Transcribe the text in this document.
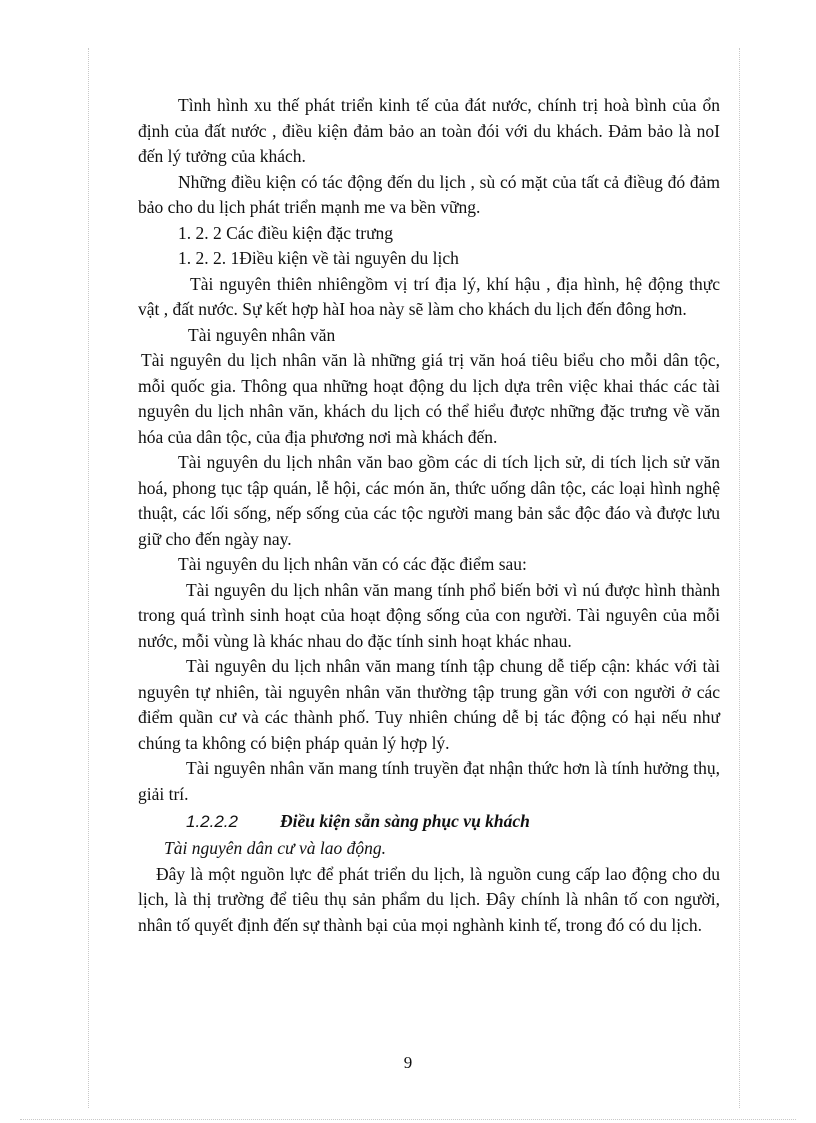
Tình hình xu thế phát triển kinh tế của đát nước, chính trị hoà bình của ổn định của đất nước , điều kiện đảm bảo an toàn đói với du khách. Đảm bảo là noI đến lý tưởng của khách.

Những điều kiện có tác động đến du lịch , sù có mặt của tất cả điềug đó đảm bảo cho du lịch phát triển mạnh me va bền vững.

1. 2. 2 Các điều kiện đặc trưng

1. 2. 2. 1Điều kiện về tài nguyên du lịch

Tài nguyên thiên nhiêngồm vị trí địa lý, khí hậu , địa hình, hệ động thực vật , đất nước. Sự kết hợp hàI hoa này sẽ làm cho khách du lịch đến đông hơn.

Tài nguyên nhân văn

Tài nguyên du lịch nhân văn là những giá trị văn hoá tiêu biểu cho mỗi dân tộc, mỗi quốc gia. Thông qua những hoạt động du lịch dựa trên việc khai thác các tài nguyên du lịch nhân văn, khách du lịch có thể hiểu được những đặc trưng về văn hóa của dân tộc, của địa phương nơi mà khách đến.

Tài nguyên du lịch nhân văn bao gồm các di tích lịch sử, di tích lịch sử văn hoá, phong tục tập quán, lễ hội, các món ăn, thức uống dân tộc, các loại hình nghệ thuật, các lối sống, nếp sống của các tộc người mang bản sắc độc đáo và được lưu giữ cho đến ngày nay.

Tài nguyên du lịch nhân văn có các đặc điểm sau:

Tài nguyên du lịch nhân văn mang tính phổ biến bởi vì nú được hình thành trong quá trình sinh hoạt của hoạt động sống của con người. Tài nguyên của mỗi nước, mỗi vùng là khác nhau do đặc tính sinh hoạt khác nhau.

Tài nguyên du lịch nhân văn mang tính tập chung dễ tiếp cận: khác với tài nguyên tự nhiên, tài nguyên nhân văn thường tập trung gần với con người ở các điểm quần cư và các thành phố. Tuy nhiên chúng dễ bị tác động có hại nếu như chúng ta không có biện pháp quản lý hợp lý.

Tài nguyên nhân văn mang tính truyền đạt nhận thức hơn là tính hưởng thụ, giải trí.

1.2.2.2	Điều kiện sẵn sàng phục vụ khách

Tài nguyên dân cư và lao động.

Đây là một nguồn lực để phát triển du lịch, là nguồn cung cấp lao động cho du lịch, là thị trường để tiêu thụ sản phẩm du lịch. Đây chính là nhân tố con người, nhân tố quyết định đến sự thành bại của mọi nghành kinh tế, trong đó có du lịch.

9
